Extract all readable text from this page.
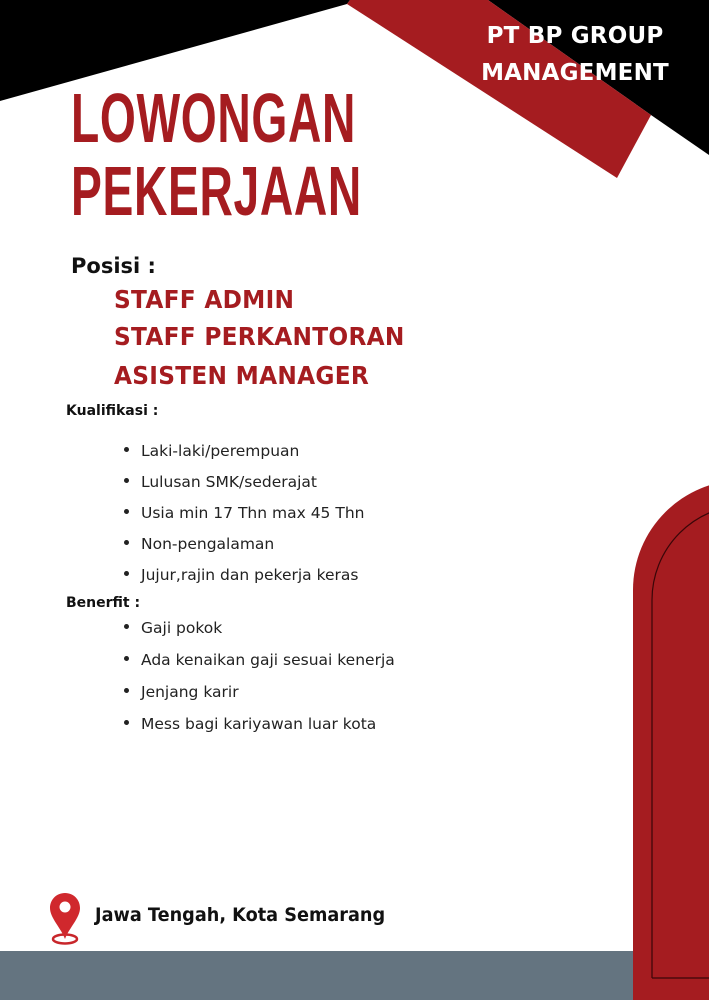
PT BP GROUP
MANAGEMENT
LOWONGAN
PEKERJAAN
Posisi :
STAFF ADMIN
STAFF PERKANTORAN
ASISTEN MANAGER
Kualifikasi :
Laki-laki/perempuan
Lulusan SMK/sederajat
Usia min 17 Thn max 45 Thn
Non-pengalaman
Jujur,rajin dan pekerja keras
Benerfit :
Gaji pokok
Ada kenaikan gaji sesuai kenerja
Jenjang karir
Mess bagi kariyawan luar kota
Jawa Tengah, Kota Semarang
